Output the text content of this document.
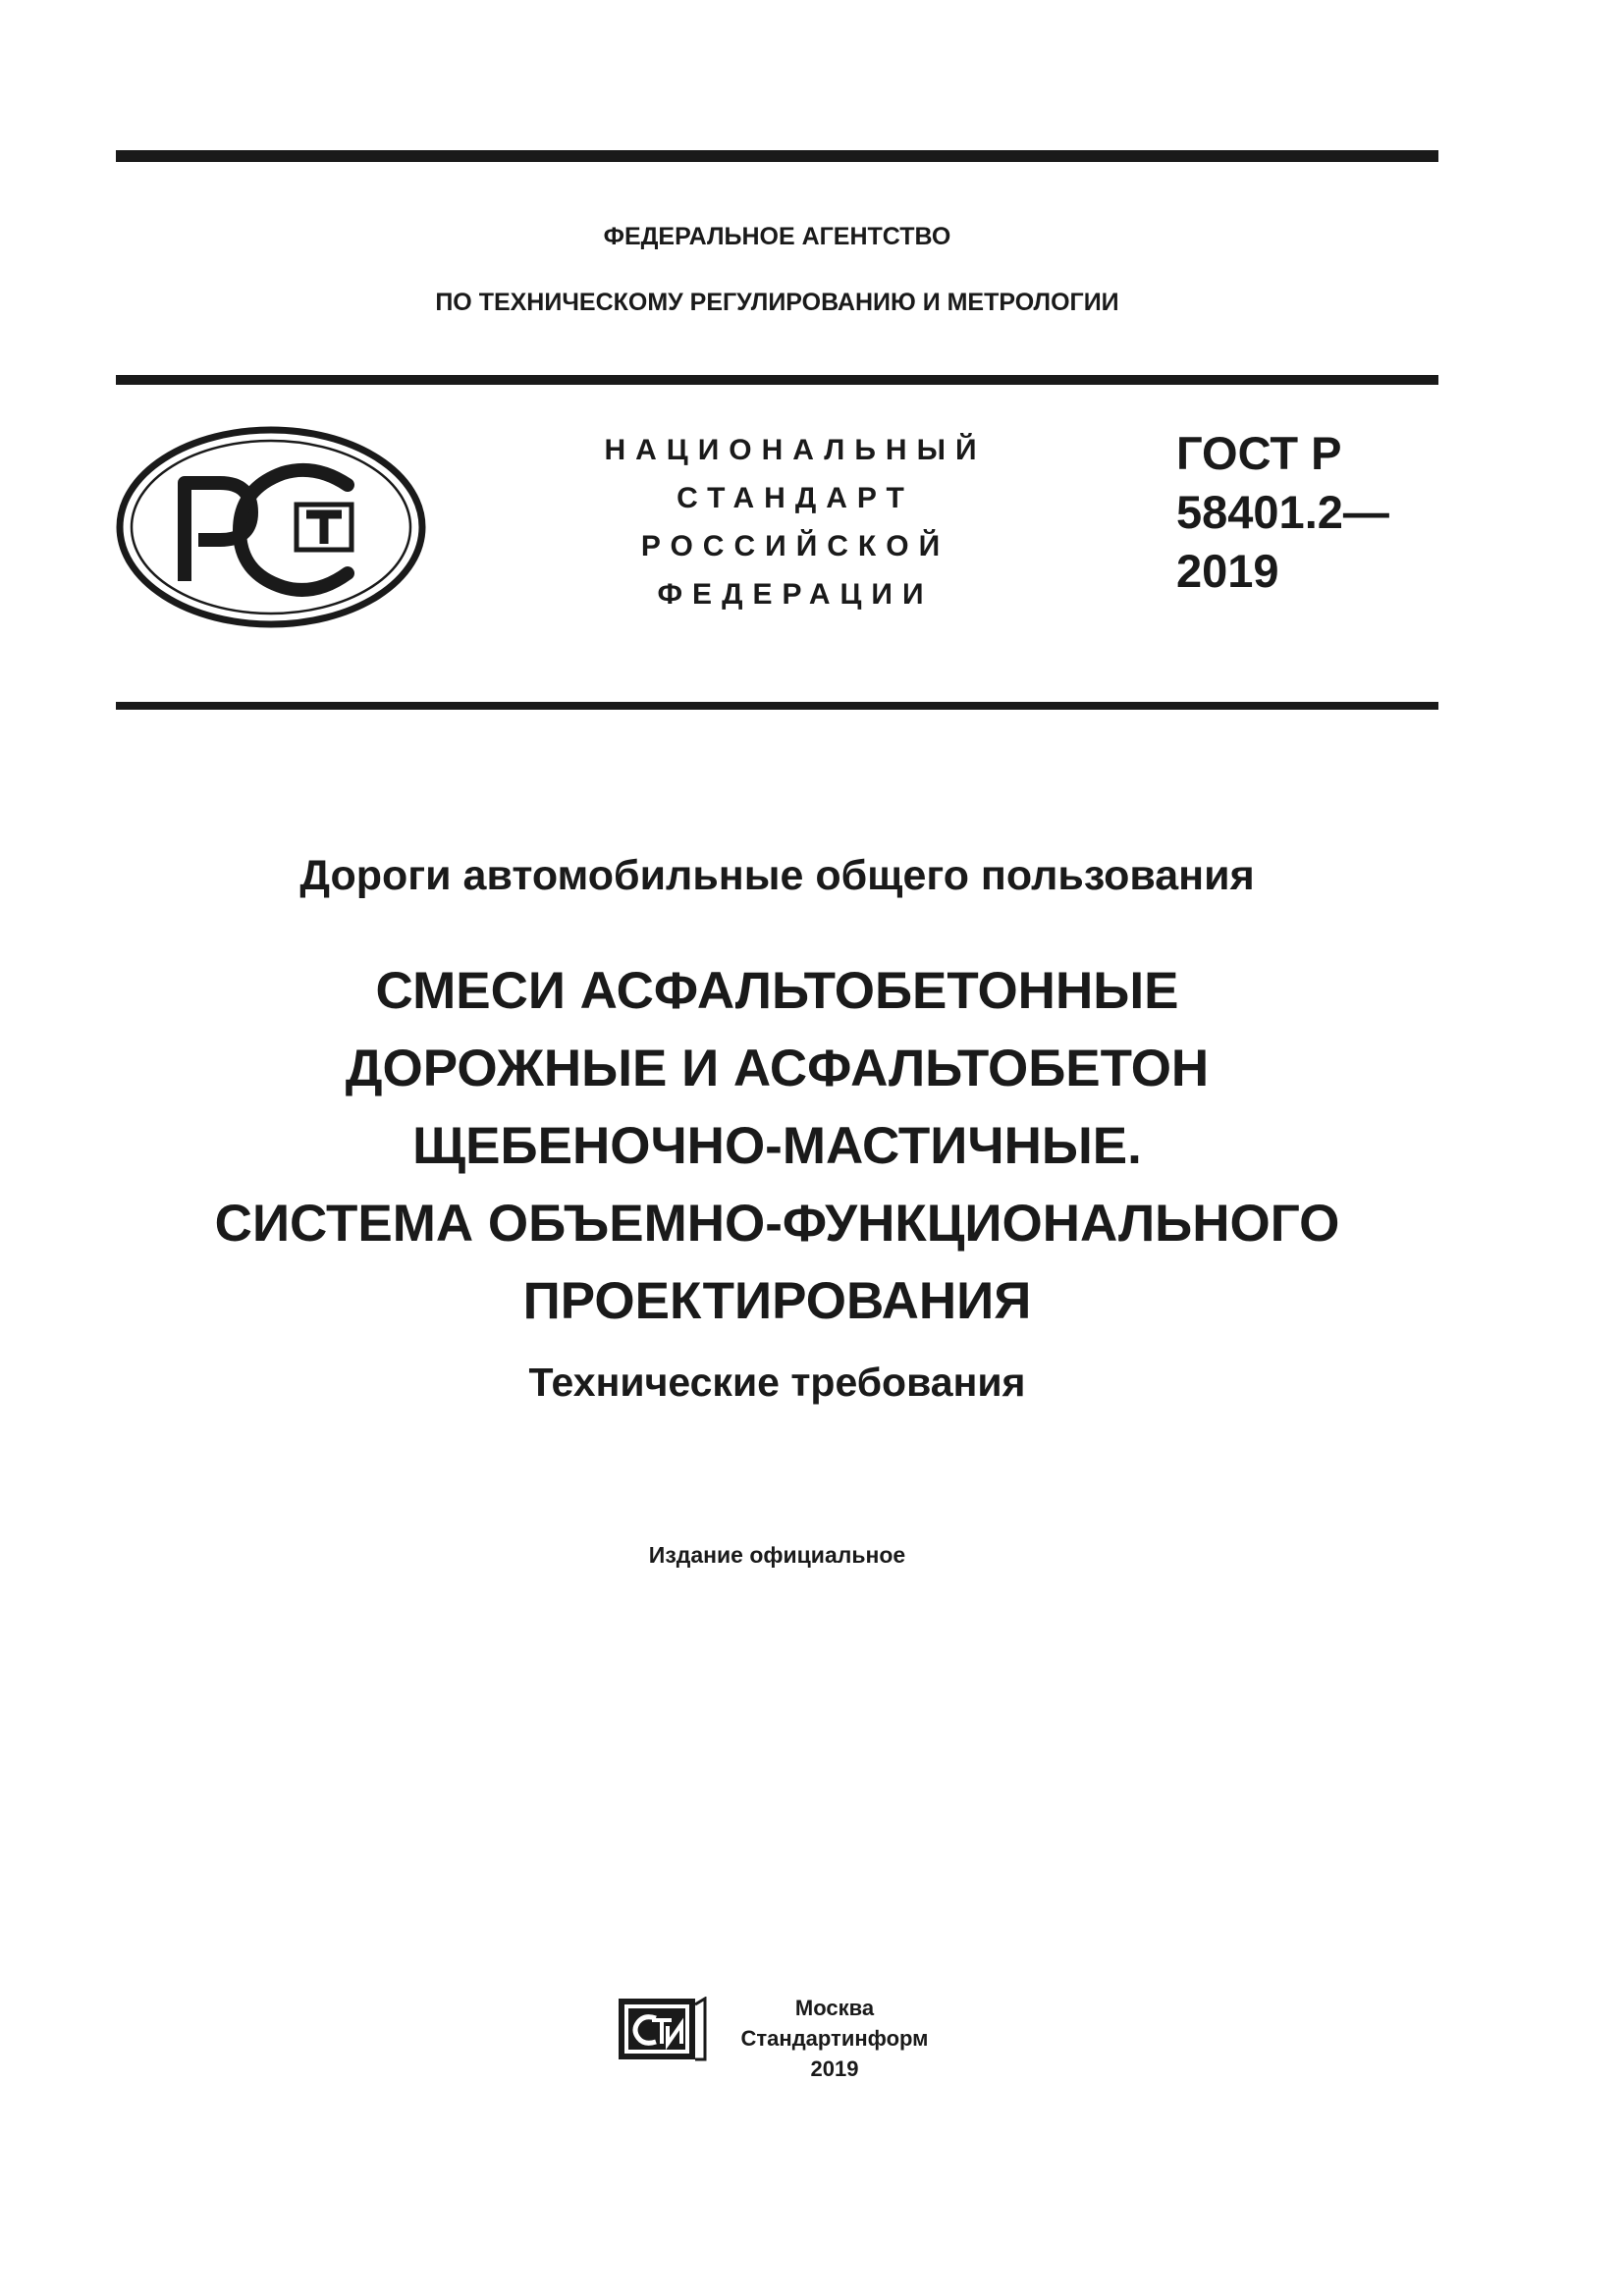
ФЕДЕРАЛЬНОЕ АГЕНТСТВО
ПО ТЕХНИЧЕСКОМУ РЕГУЛИРОВАНИЮ И МЕТРОЛОГИИ
РСТ
НАЦИОНАЛЬНЫЙ
СТАНДАРТ
РОССИЙСКОЙ
ФЕДЕРАЦИИ
ГОСТ Р
58401.2—
2019
Дороги автомобильные общего пользования
СМЕСИ АСФАЛЬТОБЕТОННЫЕ
ДОРОЖНЫЕ И АСФАЛЬТОБЕТОН
ЩЕБЕНОЧНО-МАСТИЧНЫЕ.
СИСТЕМА ОБЪЕМНО-ФУНКЦИОНАЛЬНОГО
ПРОЕКТИРОВАНИЯ
Технические требования
Издание официальное
СТИ
Москва
Стандартинформ
2019
